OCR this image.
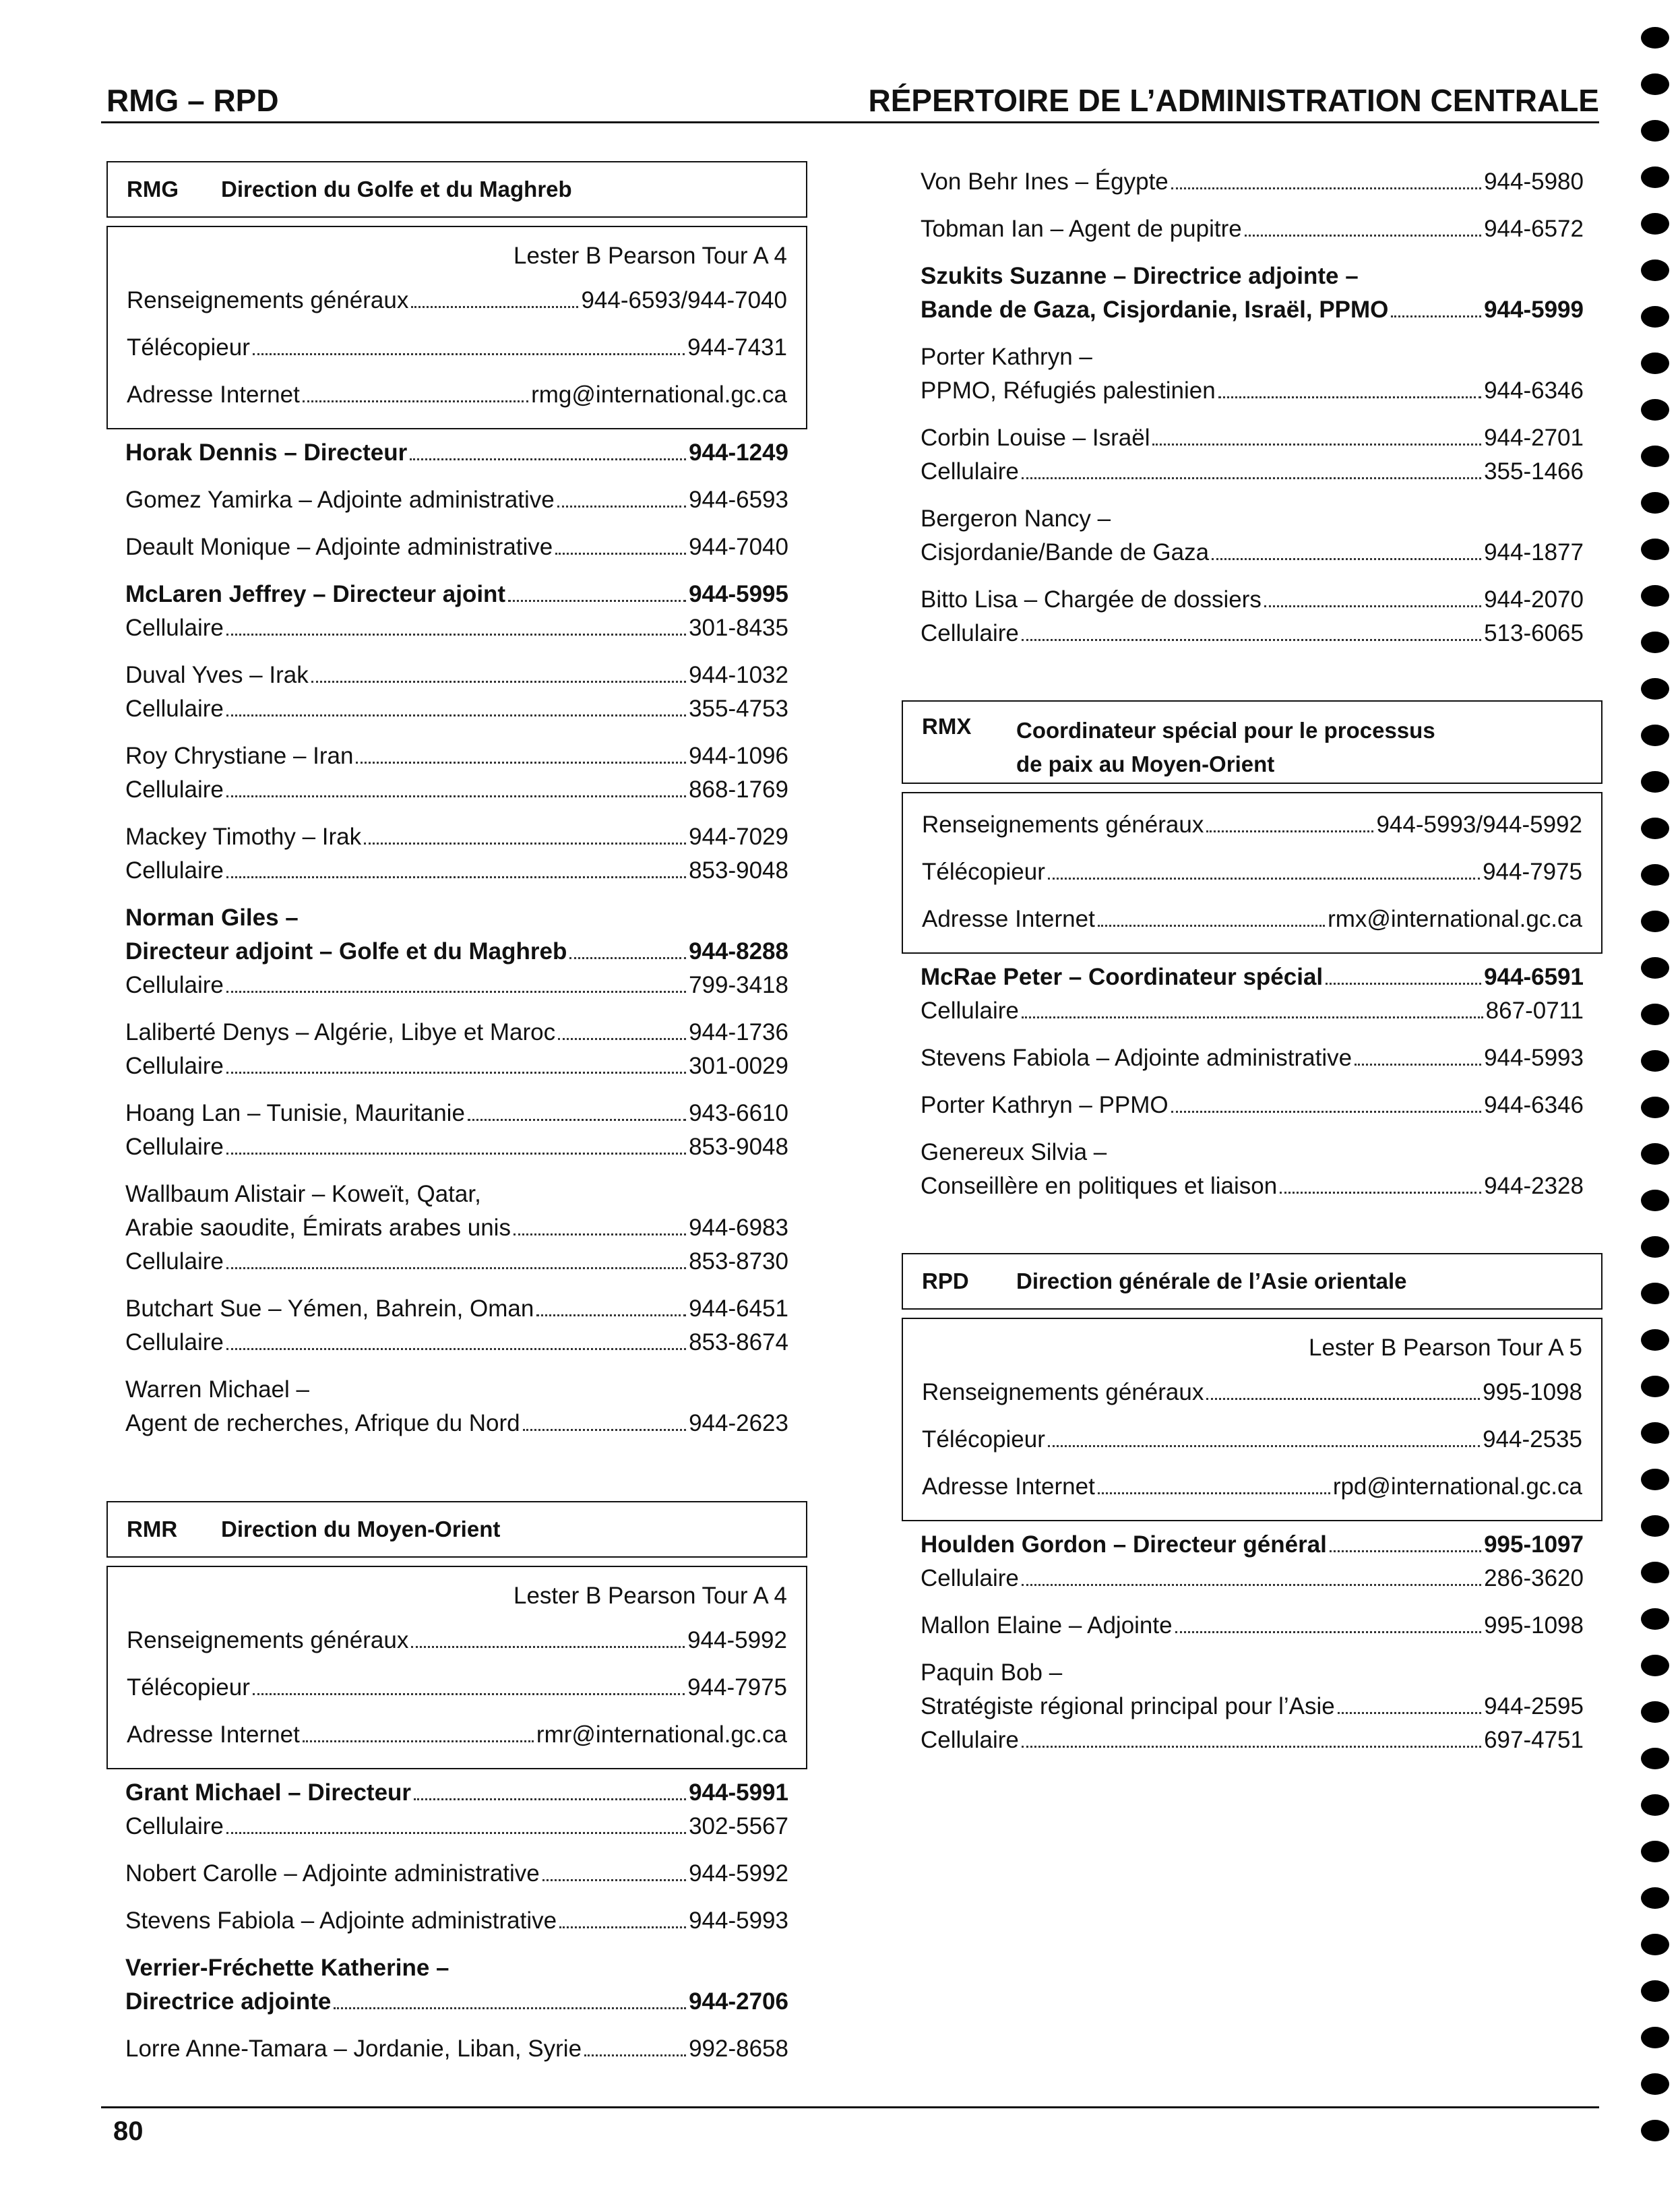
RMG – RPD	RÉPERTOIRE DE L’ADMINISTRATION CENTRALE
RMG	Direction du Golfe et du Maghreb
Lester B Pearson Tour A 4
Renseignements généraux	944-6593/944-7040
Télécopieur	944-7431
Adresse Internet	rmg@international.gc.ca
Horak Dennis – Directeur	944-1249
Gomez Yamirka – Adjointe administrative	944-6593
Deault Monique – Adjointe administrative	944-7040
McLaren Jeffrey – Directeur ajoint	944-5995
Cellulaire	301-8435
Duval Yves – Irak	944-1032
Cellulaire	355-4753
Roy Chrystiane – Iran	944-1096
Cellulaire	868-1769
Mackey Timothy – Irak	944-7029
Cellulaire	853-9048
Norman Giles –
Directeur adjoint – Golfe et du Maghreb	944-8288
Cellulaire	799-3418
Laliberté Denys – Algérie, Libye et Maroc	944-1736
Cellulaire	301-0029
Hoang Lan – Tunisie, Mauritanie	943-6610
Cellulaire	853-9048
Wallbaum Alistair – Koweït, Qatar,
Arabie saoudite, Émirats arabes unis	944-6983
Cellulaire	853-8730
Butchart Sue – Yémen, Bahrein, Oman	944-6451
Cellulaire	853-8674
Warren Michael –
Agent de recherches, Afrique du Nord	944-2623
RMR	Direction du Moyen-Orient
Lester B Pearson Tour A 4
Renseignements généraux	944-5992
Télécopieur	944-7975
Adresse Internet	rmr@international.gc.ca
Grant Michael – Directeur	944-5991
Cellulaire	302-5567
Nobert Carolle – Adjointe administrative	944-5992
Stevens Fabiola – Adjointe administrative	944-5993
Verrier-Fréchette Katherine –
Directrice adjointe	944-2706
Lorre Anne-Tamara – Jordanie, Liban, Syrie	992-8658
Von Behr Ines – Égypte	944-5980
Tobman Ian – Agent de pupitre	944-6572
Szukits Suzanne – Directrice adjointe –
Bande de Gaza, Cisjordanie, Israël, PPMO	944-5999
Porter Kathryn –
PPMO, Réfugiés palestinien	944-6346
Corbin Louise – Israël	944-2701
Cellulaire	355-1466
Bergeron Nancy –
Cisjordanie/Bande de Gaza	944-1877
Bitto Lisa – Chargée de dossiers	944-2070
Cellulaire	513-6065
RMX	Coordinateur spécial pour le processus
de paix au Moyen-Orient
Renseignements généraux	944-5993/944-5992
Télécopieur	944-7975
Adresse Internet	rmx@international.gc.ca
McRae Peter – Coordinateur spécial	944-6591
Cellulaire	867-0711
Stevens Fabiola – Adjointe administrative	944-5993
Porter Kathryn – PPMO	944-6346
Genereux Silvia –
Conseillère en politiques et liaison	944-2328
RPD	Direction générale de l’Asie orientale
Lester B Pearson Tour A 5
Renseignements généraux	995-1098
Télécopieur	944-2535
Adresse Internet	rpd@international.gc.ca
Houlden Gordon – Directeur général	995-1097
Cellulaire	286-3620
Mallon Elaine – Adjointe	995-1098
Paquin Bob –
Stratégiste régional principal pour l’Asie	944-2595
Cellulaire	697-4751
80
